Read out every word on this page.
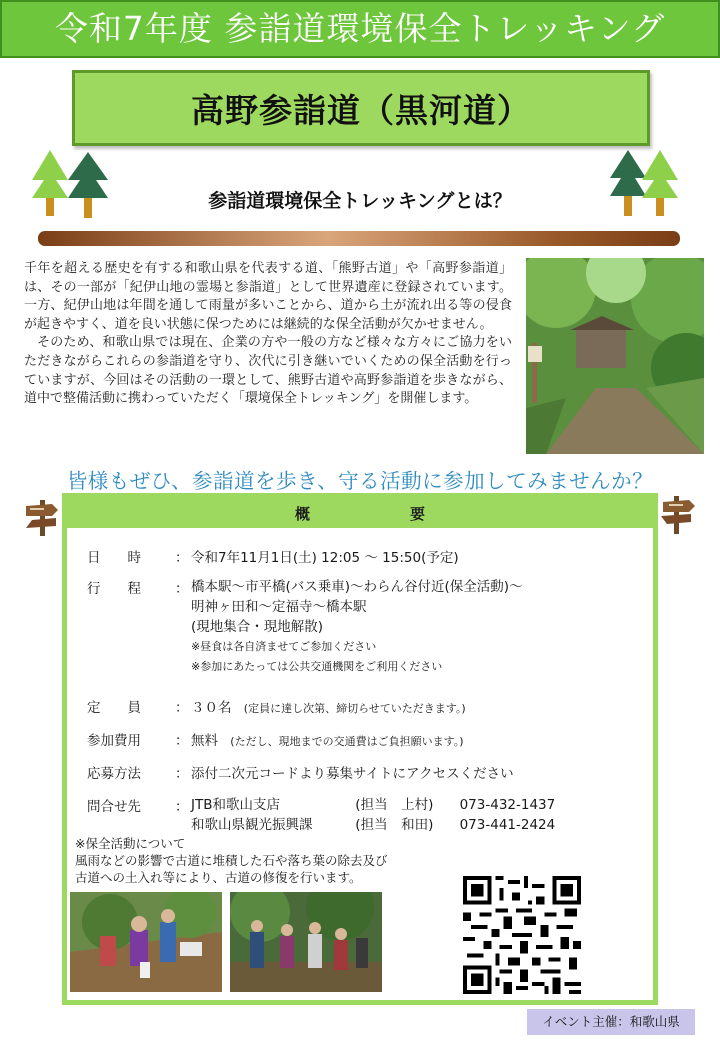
令和7年度 参詣道環境保全トレッキング
高野参詣道（黒河道）
参詣道環境保全トレッキングとは？

千年を超える歴史を有する和歌山県を代表する道、「熊野古道」や「高野参詣道」は、その一部が「紀伊山地の霊場と参詣道」として世界遺産に登録されています。一方、紀伊山地は年間を通して雨量が多いことから、道から土が流れ出る等の侵食が起きやすく、道を良い状態に保つためには継続的な保全活動が欠かせません。

そのため、和歌山県では現在、企業の方や一般の方など様々な方々にご協力をいただきながらこれらの参詣道を守り、次代に引き継いでいくための保全活動を行っていますが、今回はその活動の一環として、熊野古道や高野参詣道を歩きながら、道中で整備活動に携わっていただく「環境保全トレッキング」を開催します。

皆様もぜひ、参詣道を歩き、守る活動に参加してみませんか？
概	要
日　　時	： 令和7年11月1日(土) 12:05 ～ 15:50(予定)
行　　程	： 橋本駅～市平橋(バス乗車)～わらん谷付近(保全活動)～
明神ヶ田和～定福寺～橋本駅
(現地集合・現地解散)
※昼食は各自済ませてご参加ください
※参加にあたっては公共交通機関をご利用ください
定　　員	： ３０名 (定員に達し次第、締切らせていただきます。)
参加費用	： 無料 (ただし、現地までの交通費はご負担願います。)
応募方法	： 添付二次元コードより募集サイトにアクセスください
問合せ先	： JTB和歌山支店	(担当　上村) 073-432-1437
和歌山県観光振興課	(担当　和田) 073-441-2424
※保全活動について
風雨などの影響で古道に堆積した石や落ち葉の除去及び
古道への土入れ等により、古道の修復を行います。
イベント主催：和歌山県
